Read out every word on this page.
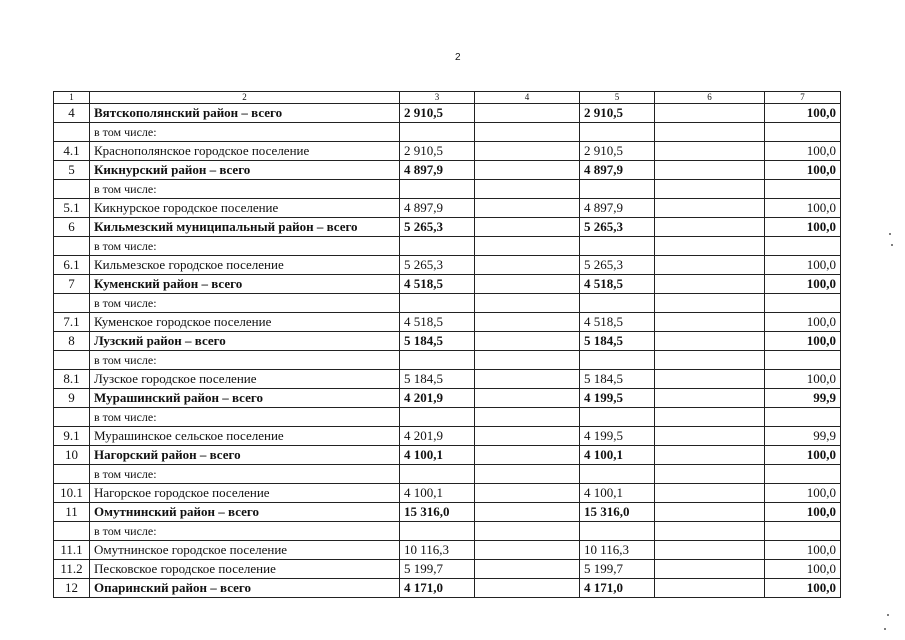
2
1	2	3	4	5	6	7
4	Вятскополянский район – всего	2 910,5		2 910,5		100,0
	в том числе:					
4.1	Краснополянское городское поселение	2 910,5		2 910,5		100,0
5	Кикнурский район – всего	4 897,9		4 897,9		100,0
	в том числе:					
5.1	Кикнурское городское поселение	4 897,9		4 897,9		100,0
6	Кильмезский муниципальный район – всего	5 265,3		5 265,3		100,0
	в том числе:					
6.1	Кильмезское городское поселение	5 265,3		5 265,3		100,0
7	Куменский район – всего	4 518,5		4 518,5		100,0
	в том числе:					
7.1	Куменское городское поселение	4 518,5		4 518,5		100,0
8	Лузский район – всего	5 184,5		5 184,5		100,0
	в том числе:					
8.1	Лузское городское поселение	5 184,5		5 184,5		100,0
9	Мурашинский район – всего	4 201,9		4 199,5		99,9
	в том числе:					
9.1	Мурашинское сельское поселение	4 201,9		4 199,5		99,9
10	Нагорский район – всего	4 100,1		4 100,1		100,0
	в том числе:					
10.1	Нагорское городское поселение	4 100,1		4 100,1		100,0
11	Омутнинский район – всего	15 316,0		15 316,0		100,0
	в том числе:					
11.1	Омутнинское городское поселение	10 116,3		10 116,3		100,0
11.2	Песковское городское поселение	5 199,7		5 199,7		100,0
12	Опаринский район – всего	4 171,0		4 171,0		100,0
